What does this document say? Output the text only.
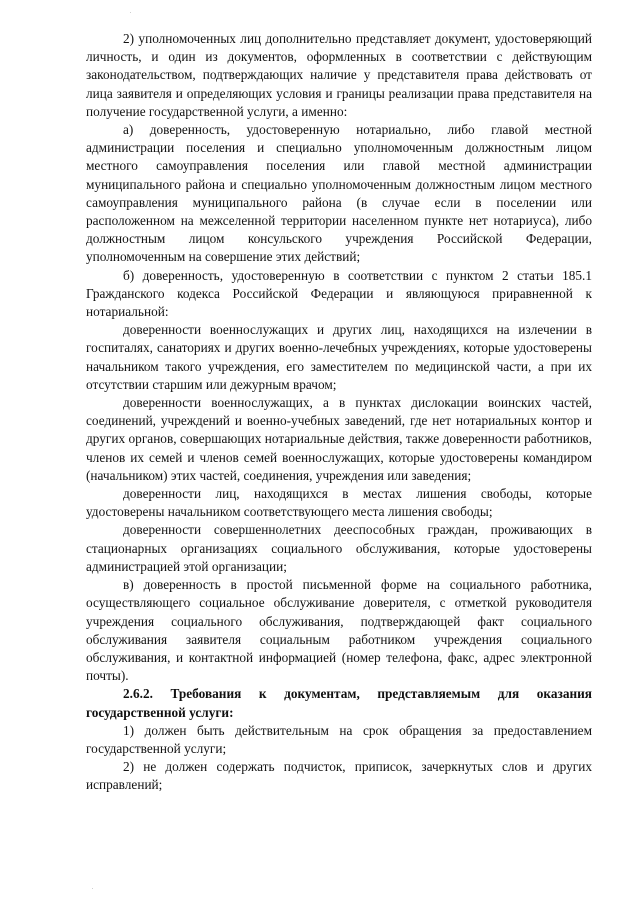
2) уполномоченных лиц дополнительно представляет документ, удостоверяющий личность, и один из документов, оформленных в соответствии с действующим законодательством, подтверждающих наличие у представителя права действовать от лица заявителя и определяющих условия и границы реализации права представителя на получение государственной услуги, а именно:

а) доверенность, удостоверенную нотариально, либо главой местной администрации поселения и специально уполномоченным должностным лицом местного самоуправления поселения или главой местной администрации муниципального района и специально уполномоченным должностным лицом местного самоуправления муниципального района (в случае если в поселении или расположенном на межселенной территории населенном пункте нет нотариуса), либо должностным лицом консульского учреждения Российской Федерации, уполномоченным на совершение этих действий;

б) доверенность, удостоверенную в соответствии с пунктом 2 статьи 185.1 Гражданского кодекса Российской Федерации и являющуюся приравненной к нотариальной:

доверенности военнослужащих и других лиц, находящихся на излечении в госпиталях, санаториях и других военно-лечебных учреждениях, которые удостоверены начальником такого учреждения, его заместителем по медицинской части, а при их отсутствии старшим или дежурным врачом;

доверенности военнослужащих, а в пунктах дислокации воинских частей, соединений, учреждений и военно-учебных заведений, где нет нотариальных контор и других органов, совершающих нотариальные действия, также доверенности работников, членов их семей и членов семей военнослужащих, которые удостоверены командиром (начальником) этих частей, соединения, учреждения или заведения;

доверенности лиц, находящихся в местах лишения свободы, которые удостоверены начальником соответствующего места лишения свободы;

доверенности совершеннолетних дееспособных граждан, проживающих в стационарных организациях социального обслуживания, которые удостоверены администрацией этой организации;

в) доверенность в простой письменной форме на социального работника, осуществляющего социальное обслуживание доверителя, с отметкой руководителя учреждения социального обслуживания, подтверждающей факт социального обслуживания заявителя социальным работником учреждения социального обслуживания, и контактной информацией (номер телефона, факс, адрес электронной почты).

2.6.2. Требования к документам, представляемым для оказания государственной услуги:

1) должен быть действительным на срок обращения за предоставлением государственной услуги;

2) не должен содержать подчисток, приписок, зачеркнутых слов и других исправлений;
